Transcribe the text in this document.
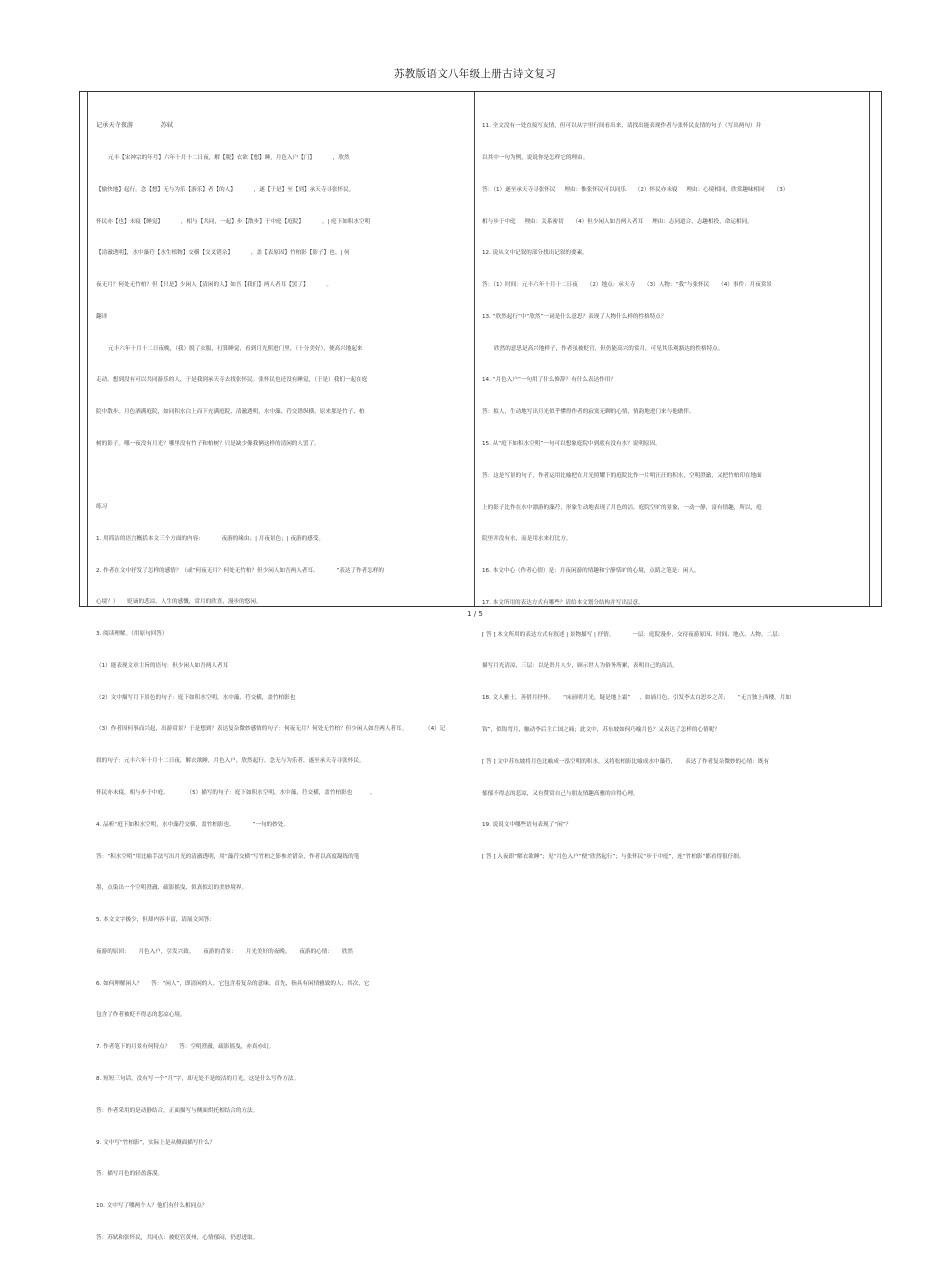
苏教版语文八年级上册古诗文复习

记承天寺夜游              苏轼

元丰【宋神宗的年号】六年十月十二日夜，解【脱】衣欲【想】睡，月色入户【门】          ，欣然

【愉快地】起行。念【想】无与为乐【游乐】者【的人】          ，遂【于是】至【到】承天寺寻张怀民。

怀民亦【也】未寝【睡觉】          ，相与【共同，一起】步【散步】于中庭【庭院】          。| 庭下如积水空明

【清澈透明】，水中藻荇【水生植物】交横【交叉错杂】          ，盖【表原因】竹柏影【影子】也。| 何

夜无月？何处无竹柏？但【只是】少闲人【清闲的人】如吾【我们】两人者耳【罢了】          。

翻译

元丰六年十月十二日夜晚，（我）脱了衣服，打算睡觉，看到月光照进门里，（十分美好），便高兴地起来

走动。想到没有可以共同游乐的人，于是我到承天寺去找张怀民。张怀民也还没有睡觉，（于是）我们一起在庭

院中散步。月色洒满庭院，如同积水白上而下充满庭院，清澈透明，水中藻、荇交错纵横，原来那是竹子、柏

树的影子。哪一夜没有月光？哪里没有竹子和柏树？只是缺少像我俩这样的清闲的人罢了。

练习

1. 用简洁的语言概括本文三个方面的内容：          夜游的缘由；| 月夜景色；| 夜游的感受。

2. 作者在文中抒发了怎样的感情？（或“何夜无月？何处无竹柏？但少闲人如吾两人者耳。          ”表达了作者怎样的

心境？）     贬谪的悲凉，人生的感慨，赏月的欣喜，漫步的悠闲。

3. 阅读理解。（用原句回答）

（1）能表现文章主旨的语句：但少闲人如吾两人者耳

（2）文中描写月下景色的句子：庭下如积水空明，水中藻、荇交横，盖竹柏影也

（3）作者因何事而兴起，出游赏景？于是想到？表达复杂微妙感情的句子：何夜无月？何处无竹柏？但少闲人如吾两人者耳。          （4）记

叙的句子：元丰六年十月十二日夜，解衣欲睡，月色入户，欣然起行。念无与为乐者，遂至承天寺寻张怀民。

怀民亦未寝，相与步于中庭。          （5）描写的句子：庭下如积水空明，水中藻、荇交横，盖竹柏影也          。

4. 品析“庭下如积水空明，水中藻荇交横，盖竹柏影也。          ”一句的妙处。

答：“积水空明”用比喻手法写出月光的清澈透明，用“藻荇交横”写竹柏之影参差错杂，作者以高度凝练的笔

墨，点染出一个空明澄澈、疏影摇曳、似真似幻的美妙境界。

5. 本文文字极少，但却内容丰富，请展文回答：

夜游的原因：     月色入户，引发兴致。     夜游的背景：     月光美好的夜晚。     夜游的心情：     欣然

6. 如何理解闲人？     答：“闲人”，即清闲的人。它包含着复杂的意味。首先，指具有闲情雅致的人；其次，它

包含了作者被贬不得志的悲凉心境。

7. 作者笔下的月景有何特点？     答：空明澄澈，疏影摇曳，亦真亦幻。

8. 短短三句话，没有写一个“月”字，却无处不是皎洁的月光，这是什么写作方法。

答：作者采用的是动静结合，正面描写与侧面烘托相结合的方法。

9. 文中写“竹柏影”，实际上是从侧面描写什么？

答：描写月色的轻盈落漠。

10. 文中写了哪两个人？他们有什么相同点？

答：苏轼和张怀民，共同点：被贬官黄州，心情郁闷，仍思进取。

11. 全文没有一处直接写友情，但可以从字里行间看出来，请找出能表现作者与张怀民友情的句子（写出两句）并

以其中一句为例，说说你是怎样它的理由。

答：（1）遂至承天寺寻张怀民     理由：惟张怀民可以同乐     （2）怀民亦未寝     理由：心境相同，欣赏趣味相同     （3）

相与步于中庭     理由：关系密切     （4）但少闲人如吾两人者耳     理由：志同道合，志趣相投，命运相同。

12. 说从文中记叙的部分找出记叙的要素。

答：（1）时间：元丰六年十月十二日夜     （2）地点：承天寺     （3）人物：“我”与张怀民     （4）事件：月夜赏景

13. “欣然起行”中“欣然”一词是什么意思？表现了人物什么样的性格特点？

欣然的意思是高兴地样子，作者虽被贬官，但仍能高兴的赏月，可见其乐观豁达的性格特点。

14. “月色入户”一句用了什么修辞？有什么表达作用？

答：拟人，生动地写出月光似乎懂得作者的寂寞无聊的心情，情韵地进门来与他做伴。

15. 从“庭下如积水空明”一句可以想象庭院中到底有没有水？说明原因。

答：这是写景的句子，作者运用比喻把在月光照耀下的庭院比作一片明汪汪的积水，空明澄澈，又把竹柏印在地面

上的影子比作在水中漂游的藻荇，形象生动地表现了月色的洁，庭院空旷的景象，一动一静，富有情趣，所以，庭

院里并没有水，而是用水来打比方。

16. 本文中心（作者心情）是：月夜闲游的情趣和宁静恬旷的心境，点睛之笔是：闲人。

17. 本文所用的表达方式有哪些？请给本文划分结构并写出层意。

[ 答 ] 本文所用的表达方式有叙述 | 景物描写 | 抒情。          一层：庭院漫步，交待夜游原因、时间、地点、人物。二层：

描写月光清凉，三层：以是贵月人少，顾示世人为俗务所累，表明自己的高洁。

18. 文人雅士，善借月抒怀。     “床前明月光，疑是地上霜”     ，如诵月色，引发李太白思乡之苦；     “无言独上西楼，月如

钩”，似钩弯月，触动李后主亡国之痛；此文中，苏东坡如何巧喻月色？又表达了怎样的心情呢？

[ 答 ] 文中苏东坡将月色比喻成一泓空明的积水，又将松柏影比喻成水中藻荇，     表达了作者复杂微妙的心情：既有

郁郁不得志的悲凉，又有赞赏自己与朋友情趣高雅的自得心理。

19. 说说文中哪些语句表现了“闲”？

[ 答 ] 入夜即“解衣欲睡”；见“月色入户”便“欣然起行”；与张怀民“步于中庭”，连“竹柏影”都看得很仔细。

1 / 5
